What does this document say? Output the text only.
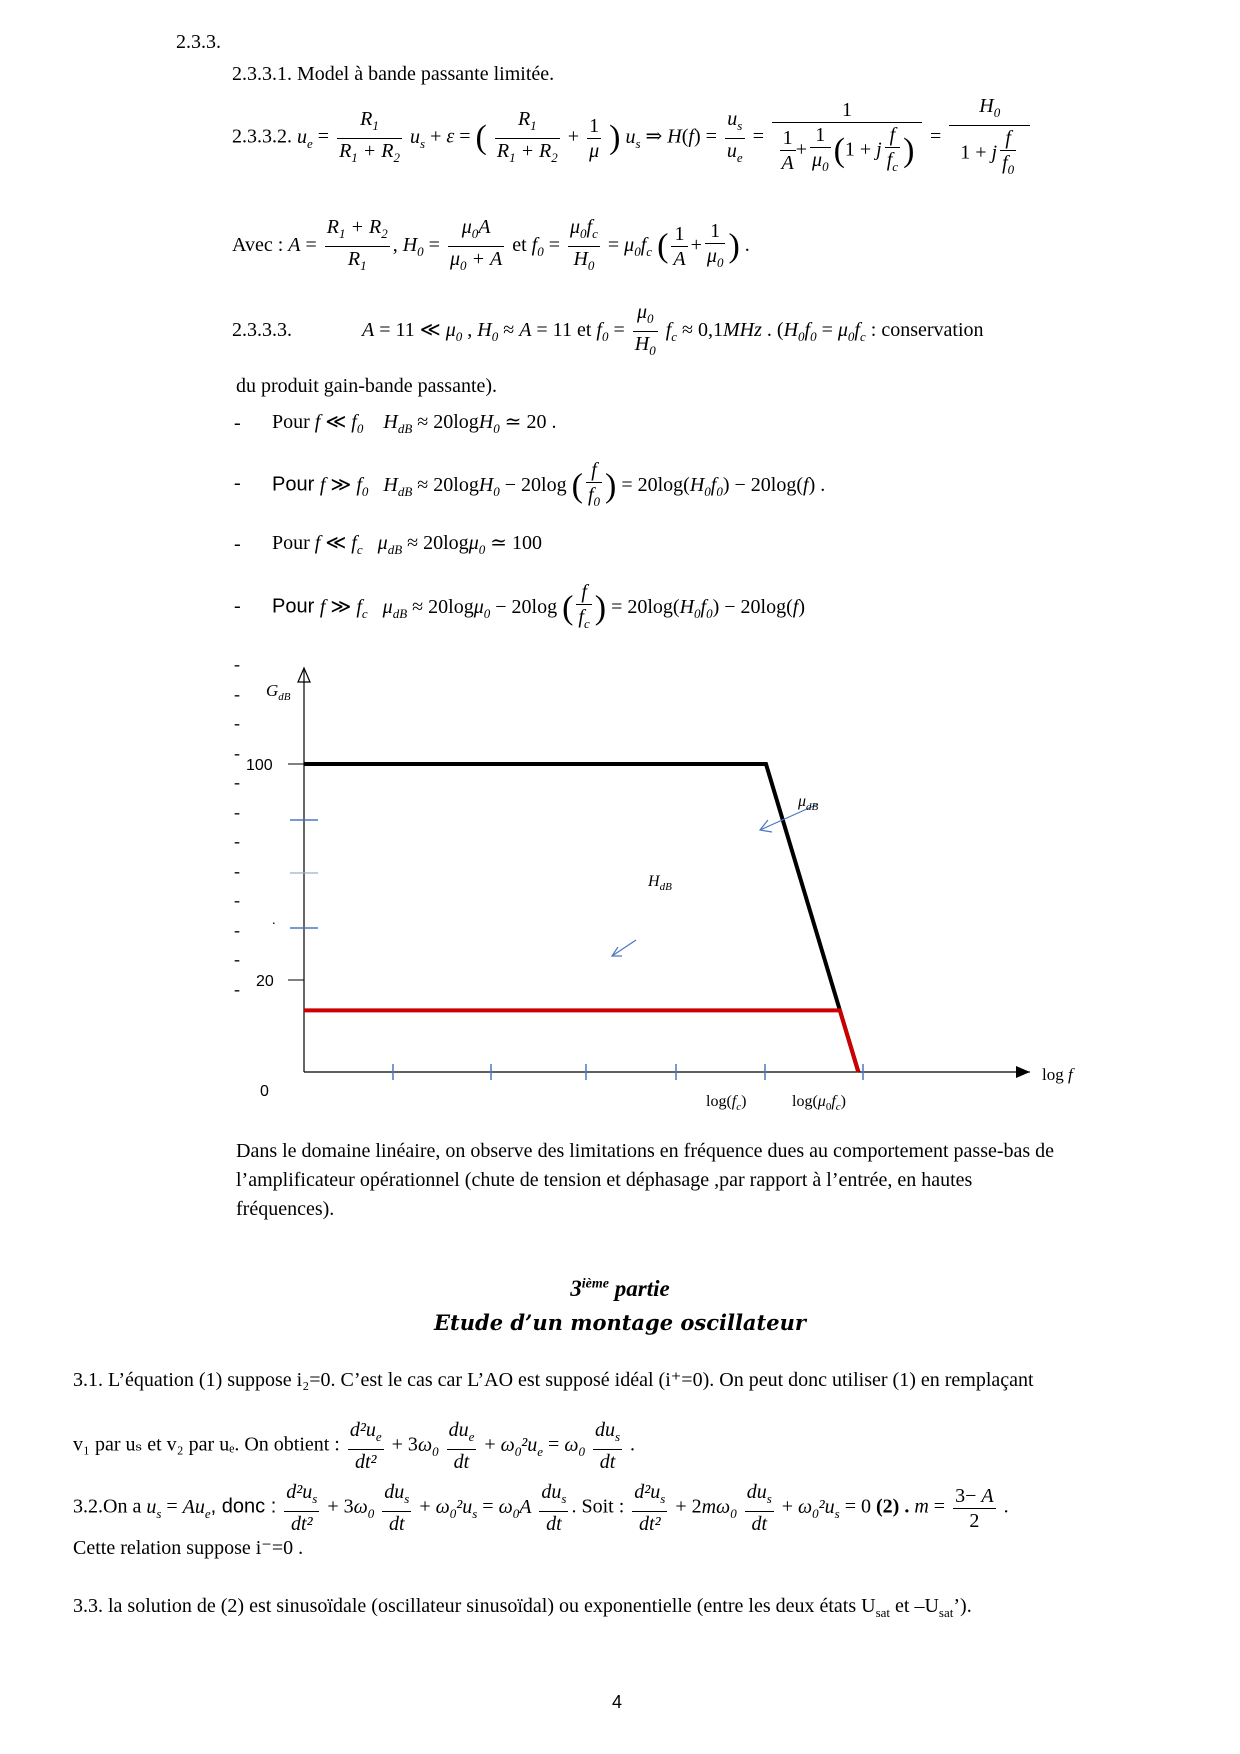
2.3.3.
2.3.3.1. Model à bande passante limitée.
2.3.3.2. $u_e = \frac{R_1}{R_1 + R_2} u_s + \varepsilon$ = ( $\frac{R_1}{R_1 + R_2} + \frac{1}{\mu}$ ) $u_s$ ⇒ $H(f) = \frac{u_s}{u_e} = \frac{1}{\frac{1}{A} + \frac{1}{\mu_0} (1 + j \frac{f}{f_c} )} = \frac{H_0}{1 + j \frac{f}{f_0}}$
Avec : $A = \frac{R_1 + R_2}{R_1}$ , $H_0 = \frac{\mu_0A}{\mu_0 + A}$ et $f_0 = \frac{\mu_0f_c}{H_0} = \mu_0f_c$ ( $\frac{1}{A} + \frac{1}{\mu_0}$ ) .
2.3.3.3.	A = 11 ≪ $\mu_0$ , $H_0 \approx A = 11$ et $f_0 = \frac{\mu_0}{H_0} f_c \approx 0,1MHz$ . ($H_0f_0 = \mu_0f_c$ : conservation
du produit gain-bande passante).
- Pour f ≪ $f_0$ $H_{dB} \approx 20\log H_0$ ≃ 20 .
- Pour f ≫ $f_0$ $H_{dB} \approx 20\log H_0 - 20\log$ ( $\frac{f}{f_0}$ ) = $20\log(H_0f_0) - 20\log(f)$ .
- Pour f ≪ $f_c$ $\mu_{dB} \approx 20\log\mu_0$ ≃ 100
- Pour f ≫ $f_c$ $\mu_{dB} \approx 20\log\mu_0 - 20\log$ ( $\frac{f}{f_c}$ ) = $20\log(H_0f_0) - 20\log(f)$
-
-
-
-
-
-
-
-
-
-
-
-
$G_{dB}$
log f
100
20
0
.
$\log(f_c)$	$\log(\mu_0f_c)$
$\mu_{dB}$
$H_{dB}$
Dans le domaine linéaire, on observe des limitations en fréquence dues au comportement passe-bas de
l’amplificateur opérationnel (chute de tension et déphasage ,par rapport à l’entrée, en hautes
fréquences).
3ième partie
Etude d’un montage oscillateur
3.1. L’équation (1) suppose i₂=0. C’est le cas car L’AO est supposé idéal (i⁺=0). On peut donc utiliser (1) en remplaçant
v₁ par uₛ et v₂ par uₑ. On obtient : $\frac{d^2u_e}{\text{dt²}} + 3\omega_0 \frac{du_e}{dt} + \omega_0^2u_e = \omega_0 \frac{du_s}{dt}$ .
3.2.On a $u_s = Au_e$, donc : $\frac{d^2u_s}{\text{dt²}} + 3\omega_0 \frac{du_s}{dt} + \omega_0^2u_s = \omega_0A \frac{du_s}{dt}$ . Soit : $\frac{d^2u_s}{\text{dt²}} + 2m\omega_0 \frac{du_s}{dt} + \omega_0^2u_s = 0$ (2) . $m = \frac{3- A}{2}$ .
Cette relation suppose i⁻=0 .
3.3. la solution de (2) est sinusoïdale (oscillateur sinusoïdal) ou exponentielle (entre les deux états $U_{sat}$ et $-U_{sat}$’).
4
